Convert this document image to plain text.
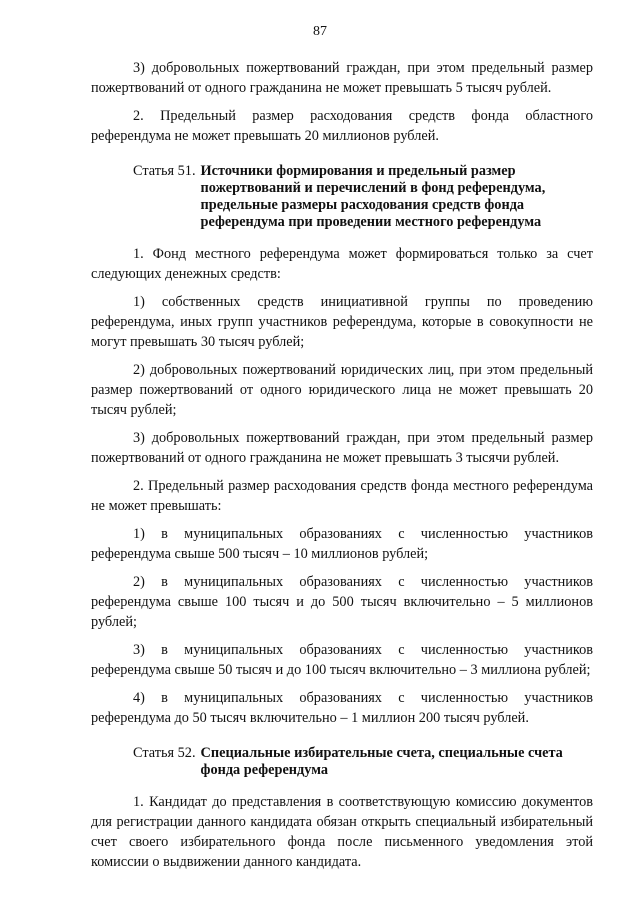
87

3) добровольных пожертвований граждан, при этом предельный размер пожертвований от одного гражданина не может превышать 5 тысяч рублей.

2. Предельный размер расходования средств фонда областного референдума не может превышать 20 миллионов рублей.

Статья 51. Источники формирования и предельный размер пожертвований и перечислений в фонд референдума, предельные размеры расходования средств фонда референдума при проведении местного референдума

1. Фонд местного референдума может формироваться только за счет следующих денежных средств:

1) собственных средств инициативной группы по проведению референдума, иных групп участников референдума, которые в совокупности не могут превышать 30 тысяч рублей;

2) добровольных пожертвований юридических лиц, при этом предельный размер пожертвований от одного юридического лица не может превышать 20 тысяч рублей;

3) добровольных пожертвований граждан, при этом предельный размер пожертвований от одного гражданина не может превышать 3 тысячи рублей.

2. Предельный размер расходования средств фонда местного референдума не может превышать:

1) в муниципальных образованиях с численностью участников референдума свыше 500 тысяч – 10 миллионов рублей;

2) в муниципальных образованиях с численностью участников референдума свыше 100 тысяч и до 500 тысяч включительно – 5 миллионов рублей;

3) в муниципальных образованиях с численностью участников референдума свыше 50 тысяч и до 100 тысяч включительно – 3 миллиона рублей;

4) в муниципальных образованиях с численностью участников референдума до 50 тысяч включительно – 1 миллион 200 тысяч рублей.

Статья 52. Специальные избирательные счета, специальные счета фонда референдума

1. Кандидат до представления в соответствующую комиссию документов для регистрации данного кандидата обязан открыть специальный избирательный счет своего избирательного фонда после письменного уведомления этой комиссии о выдвижении данного кандидата.
